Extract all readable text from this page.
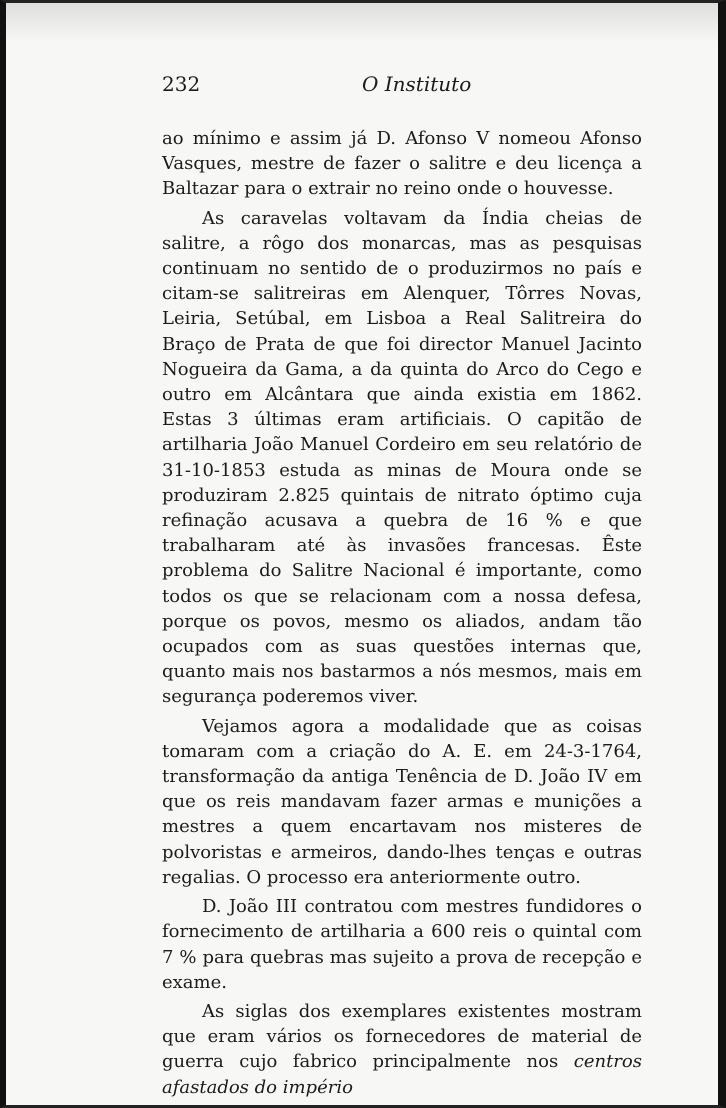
232	O Instituto

ao mínimo e assim já D. Afonso V nomeou Afonso Vasques, mestre de fazer o salitre e deu licença a Baltazar para o extrair no reino onde o houvesse.

As caravelas voltavam da Índia cheias de salitre, a rôgo dos monarcas, mas as pesquisas continuam no sentido de o produzirmos no país e citam-se salitreiras em Alenquer, Tôrres Novas, Leiria, Setúbal, em Lisboa a Real Salitreira do Braço de Prata de que foi director Manuel Jacinto Nogueira da Gama, a da quinta do Arco do Cego e outro em Alcântara que ainda existia em 1862. Estas 3 últimas eram artificiais. O capitão de artilharia João Manuel Cordeiro em seu relatório de 31-10-1853 estuda as minas de Moura onde se produziram 2.825 quintais de nitrato óptimo cuja refinação acusava a quebra de 16 % e que trabalharam até às invasões francesas. Êste problema do Salitre Nacional é importante, como todos os que se relacionam com a nossa defesa, porque os povos, mesmo os aliados, andam tão ocupados com as suas questões internas que, quanto mais nos bastarmos a nós mesmos, mais em segurança poderemos viver.

Vejamos agora a modalidade que as coisas tomaram com a criação do A. E. em 24-3-1764, transformação da antiga Tenência de D. João IV em que os reis mandavam fazer armas e munições a mestres a quem encartavam nos misteres de polvoristas e armeiros, dando-lhes tenças e outras regalias. O processo era anteriormente outro.

D. João III contratou com mestres fundidores o fornecimento de artilharia a 600 reis o quintal com 7 % para quebras mas sujeito a prova de recepção e exame.

As siglas dos exemplares existentes mostram que eram vários os fornecedores de material de guerra cujo fabrico principalmente nos centros afastados do império
